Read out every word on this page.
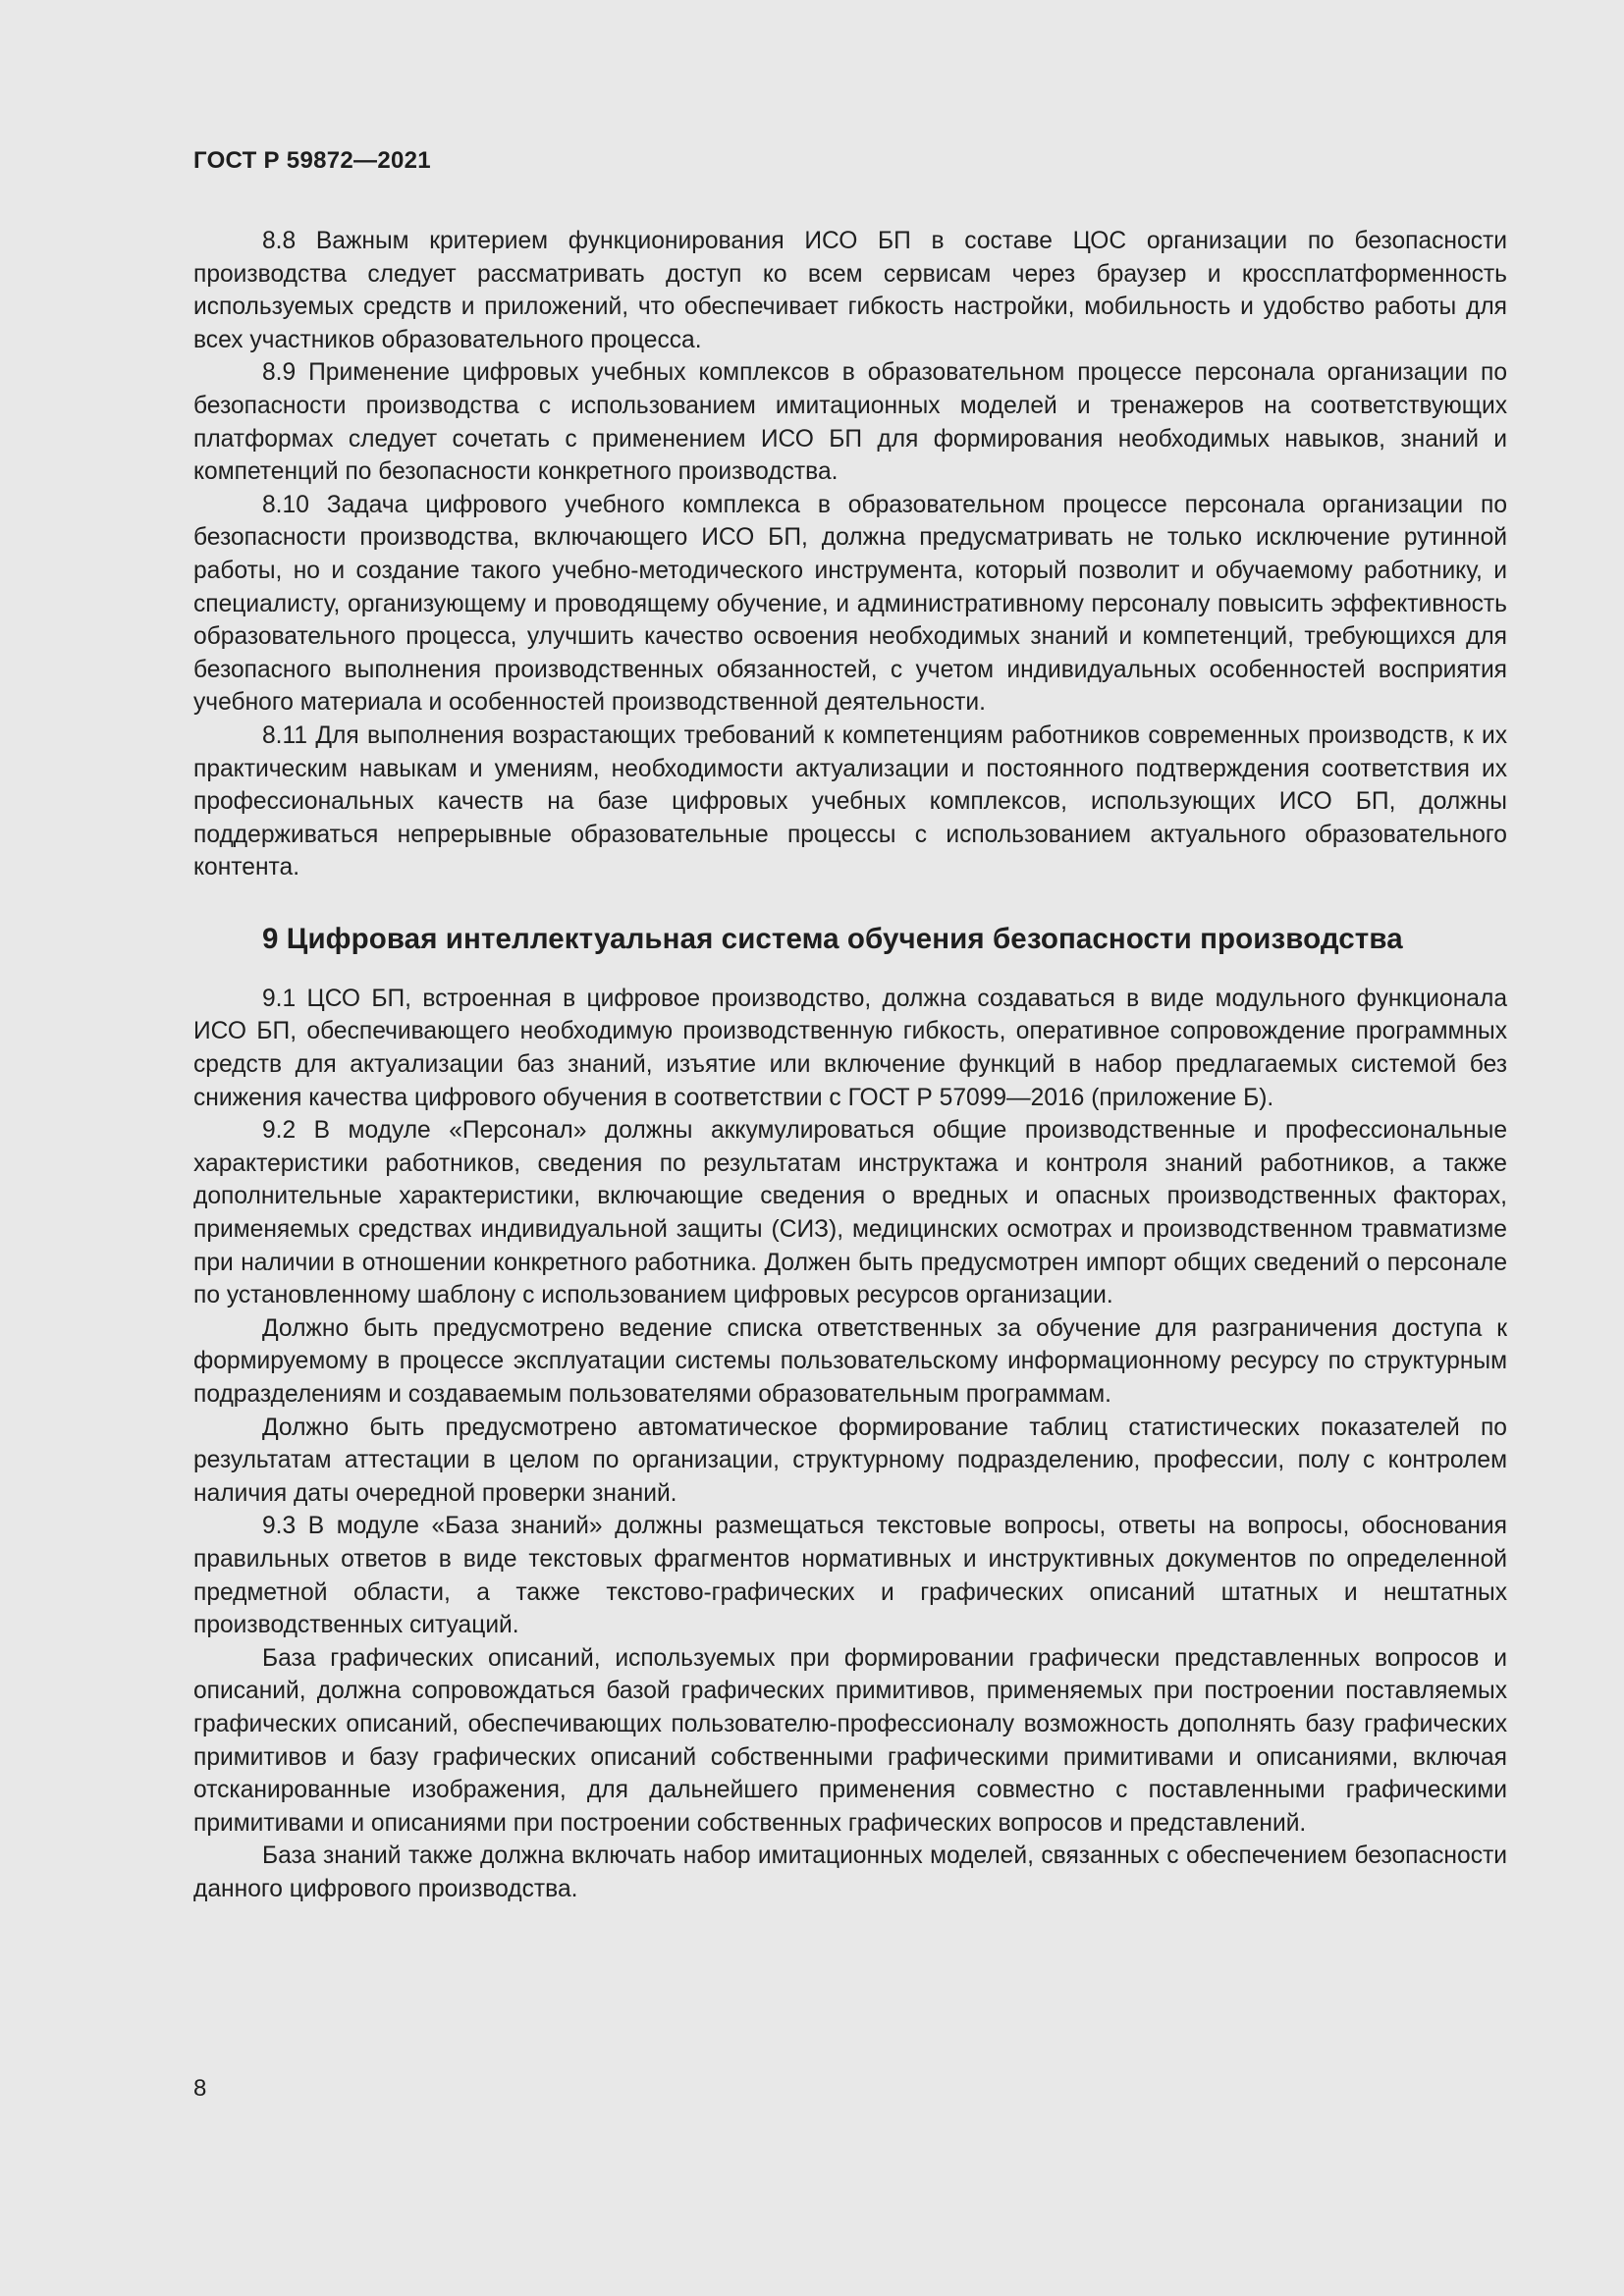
ГОСТ Р 59872—2021

8.8 Важным критерием функционирования ИСО БП в составе ЦОС организации по безопасности производства следует рассматривать доступ ко всем сервисам через браузер и кроссплатформенность используемых средств и приложений, что обеспечивает гибкость настройки, мобильность и удобство работы для всех участников образовательного процесса.

8.9 Применение цифровых учебных комплексов в образовательном процессе персонала организации по безопасности производства с использованием имитационных моделей и тренажеров на соответствующих платформах следует сочетать с применением ИСО БП для формирования необходимых навыков, знаний и компетенций по безопасности конкретного производства.

8.10 Задача цифрового учебного комплекса в образовательном процессе персонала организации по безопасности производства, включающего ИСО БП, должна предусматривать не только исключение рутинной работы, но и создание такого учебно-методического инструмента, который позволит и обучаемому работнику, и специалисту, организующему и проводящему обучение, и административному персоналу повысить эффективность образовательного процесса, улучшить качество освоения необходимых знаний и компетенций, требующихся для безопасного выполнения производственных обязанностей, с учетом индивидуальных особенностей восприятия учебного материала и особенностей производственной деятельности.

8.11 Для выполнения возрастающих требований к компетенциям работников современных производств, к их практическим навыкам и умениям, необходимости актуализации и постоянного подтверждения соответствия их профессиональных качеств на базе цифровых учебных комплексов, использующих ИСО БП, должны поддерживаться непрерывные образовательные процессы с использованием актуального образовательного контента.

9 Цифровая интеллектуальная система обучения безопасности производства

9.1 ЦСО БП, встроенная в цифровое производство, должна создаваться в виде модульного функционала ИСО БП, обеспечивающего необходимую производственную гибкость, оперативное сопровождение программных средств для актуализации баз знаний, изъятие или включение функций в набор предлагаемых системой без снижения качества цифрового обучения в соответствии с ГОСТ Р 57099—2016 (приложение Б).

9.2 В модуле «Персонал» должны аккумулироваться общие производственные и профессиональные характеристики работников, сведения по результатам инструктажа и контроля знаний работников, а также дополнительные характеристики, включающие сведения о вредных и опасных производственных факторах, применяемых средствах индивидуальной защиты (СИЗ), медицинских осмотрах и производственном травматизме при наличии в отношении конкретного работника. Должен быть предусмотрен импорт общих сведений о персонале по установленному шаблону с использованием цифровых ресурсов организации.

Должно быть предусмотрено ведение списка ответственных за обучение для разграничения доступа к формируемому в процессе эксплуатации системы пользовательскому информационному ресурсу по структурным подразделениям и создаваемым пользователями образовательным программам.

Должно быть предусмотрено автоматическое формирование таблиц статистических показателей по результатам аттестации в целом по организации, структурному подразделению, профессии, полу с контролем наличия даты очередной проверки знаний.

9.3 В модуле «База знаний» должны размещаться текстовые вопросы, ответы на вопросы, обоснования правильных ответов в виде текстовых фрагментов нормативных и инструктивных документов по определенной предметной области, а также текстово-графических и графических описаний штатных и нештатных производственных ситуаций.

База графических описаний, используемых при формировании графически представленных вопросов и описаний, должна сопровождаться базой графических примитивов, применяемых при построении поставляемых графических описаний, обеспечивающих пользователю-профессионалу возможность дополнять базу графических примитивов и базу графических описаний собственными графическими примитивами и описаниями, включая отсканированные изображения, для дальнейшего применения совместно с поставленными графическими примитивами и описаниями при построении собственных графических вопросов и представлений.

База знаний также должна включать набор имитационных моделей, связанных с обеспечением безопасности данного цифрового производства.

8
